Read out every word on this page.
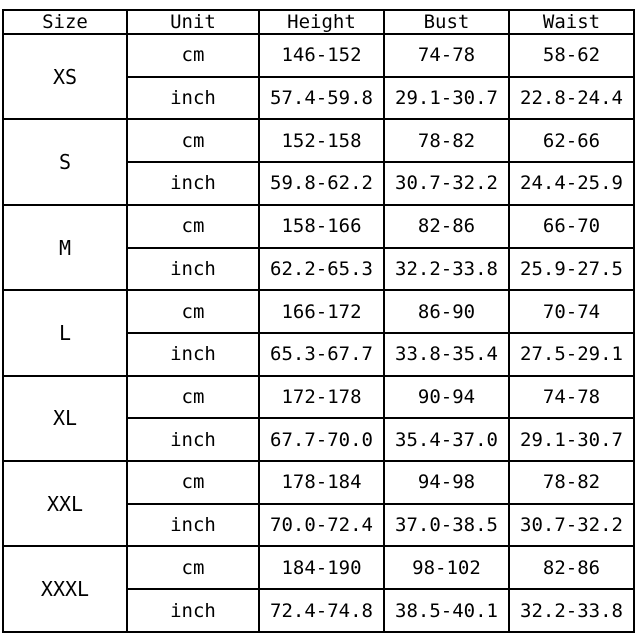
Size	Unit	Height	Bust	Waist
XS	cm	146-152	74-78	58-62
	inch	57.4-59.8	29.1-30.7	22.8-24.4
S	cm	152-158	78-82	62-66
	inch	59.8-62.2	30.7-32.2	24.4-25.9
M	cm	158-166	82-86	66-70
	inch	62.2-65.3	32.2-33.8	25.9-27.5
L	cm	166-172	86-90	70-74
	inch	65.3-67.7	33.8-35.4	27.5-29.1
XL	cm	172-178	90-94	74-78
	inch	67.7-70.0	35.4-37.0	29.1-30.7
XXL	cm	178-184	94-98	78-82
	inch	70.0-72.4	37.0-38.5	30.7-32.2
XXXL	cm	184-190	98-102	82-86
	inch	72.4-74.8	38.5-40.1	32.2-33.8
